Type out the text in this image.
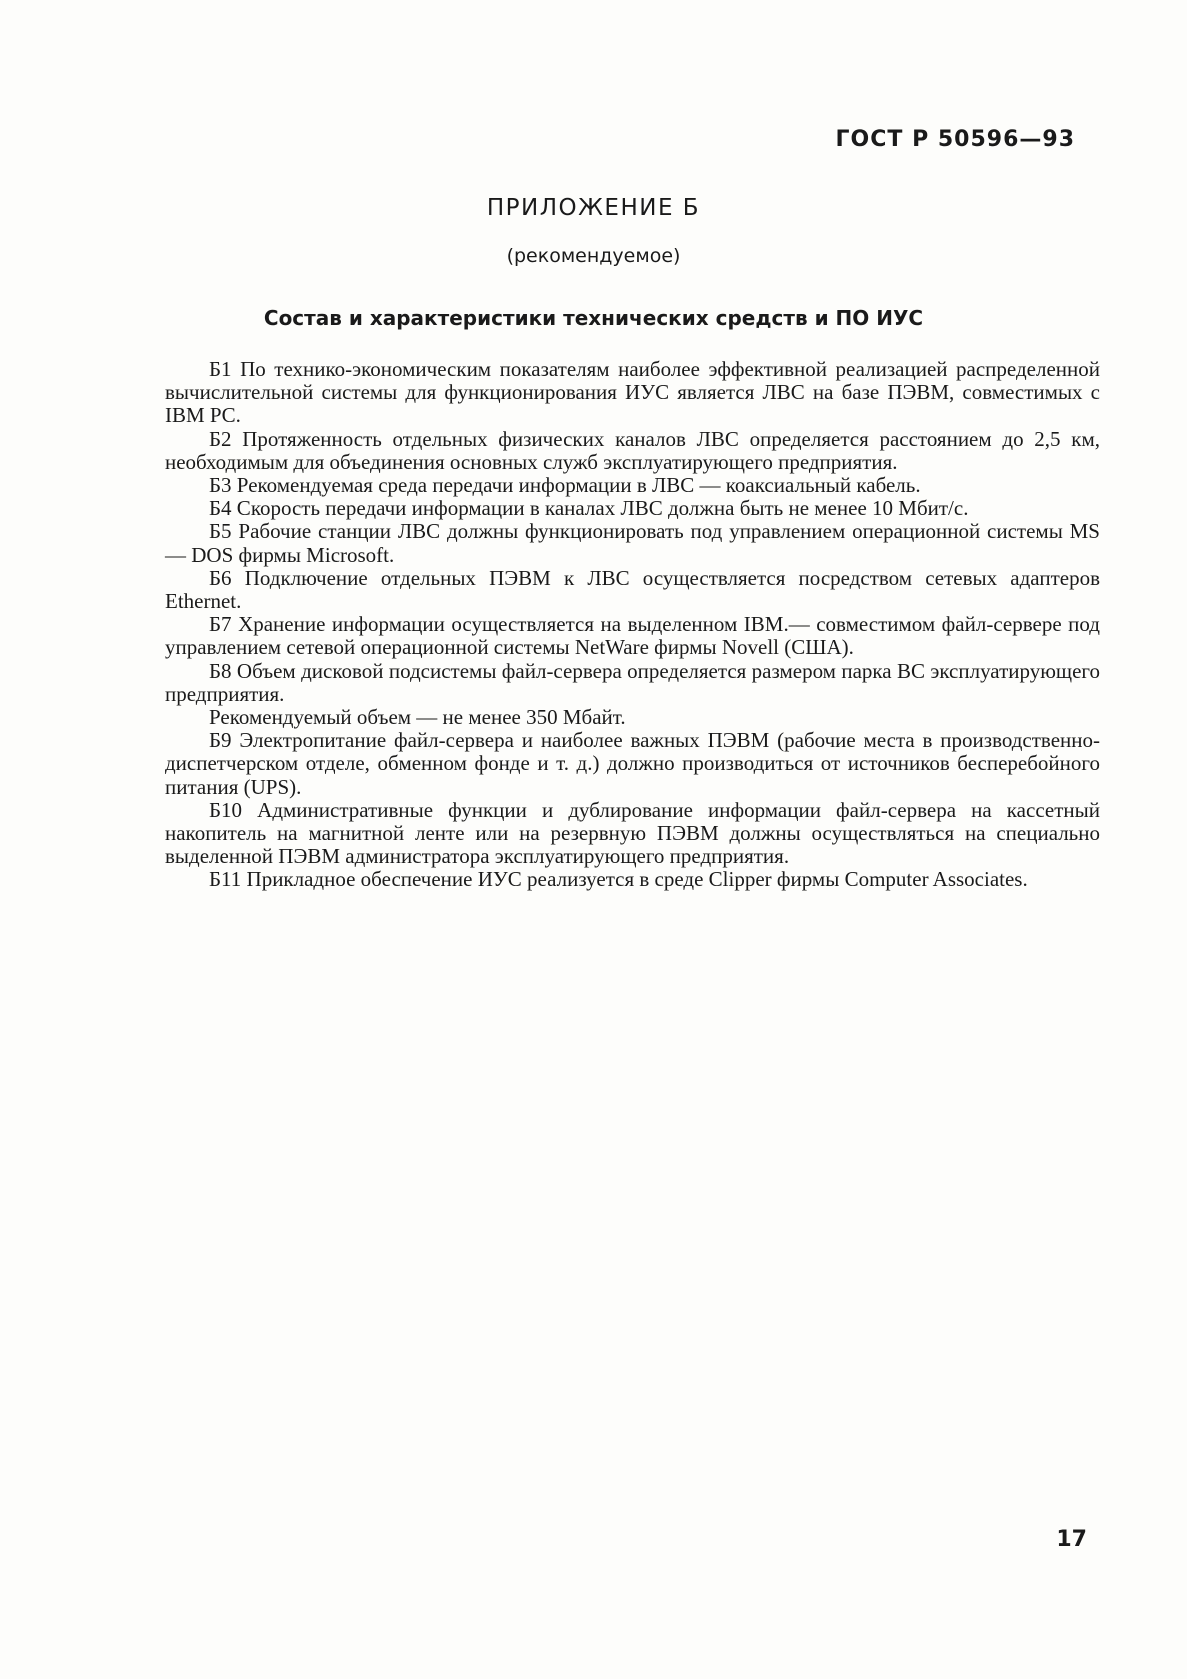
ГОСТ Р 50596—93
ПРИЛОЖЕНИЕ Б
(рекомендуемое)
Состав и характеристики технических средств и ПО ИУС

Б1 По технико-экономическим показателям наиболее эффективной реализацией распределенной вычислительной системы для функционирования ИУС является ЛВС на базе ПЭВМ, совместимых с IBM PC.

Б2 Протяженность отдельных физических каналов ЛВС определяется расстоянием до 2,5 км, необходимым для объединения основных служб эксплуатирующего предприятия.

Б3 Рекомендуемая среда передачи информации в ЛВС — коаксиальный кабель.

Б4 Скорость передачи информации в каналах ЛВС должна быть не менее 10 Мбит/с.

Б5 Рабочие станции ЛВС должны функционировать под управлением операционной системы MS — DOS фирмы Microsoft.

Б6 Подключение отдельных ПЭВМ к ЛВС осуществляется посредством сетевых адаптеров Ethernet.

Б7 Хранение информации осуществляется на выделенном IBM.— совместимом файл-сервере под управлением сетевой операционной системы NetWare фирмы Novell (США).

Б8 Объем дисковой подсистемы файл-сервера определяется размером парка ВС эксплуатирующего предприятия.

Рекомендуемый объем — не менее 350 Мбайт.

Б9 Электропитание файл-сервера и наиболее важных ПЭВМ (рабочие места в производственно-диспетчерском отделе, обменном фонде и т. д.) должно производиться от источников бесперебойного питания (UPS).

Б10 Административные функции и дублирование информации файл-сервера на кассетный накопитель на магнитной ленте или на резервную ПЭВМ должны осуществляться на специально выделенной ПЭВМ администратора эксплуатирующего предприятия.

Б11 Прикладное обеспечение ИУС реализуется в среде Clipper фирмы Computer Associates.

17
